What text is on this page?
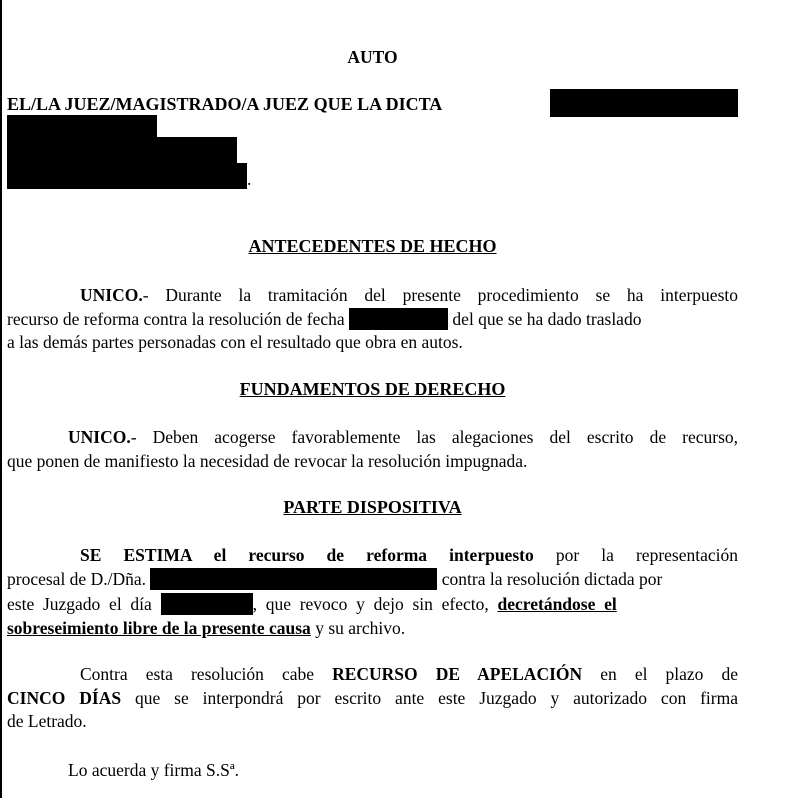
AUTO
EL/LA JUEZ/MAGISTRADO/A JUEZ QUE LA DICTA
.
ANTECEDENTES DE HECHO
UNICO.- Durante la tramitación del presente procedimiento se ha interpuesto
recurso de reforma contra la resolución de fecha	del que se ha dado traslado
a las demás partes personadas con el resultado que obra en autos.
FUNDAMENTOS DE DERECHO
UNICO.- Deben acogerse favorablemente las alegaciones del escrito de recurso,
que ponen de manifiesto la necesidad de revocar la resolución impugnada.
PARTE DISPOSITIVA
SE  ESTIMA  el  recurso  de  reforma  interpuesto por  la  representación
procesal de D./Dña.	contra la resolución dictada por
este  Juzgado  el  día	,  que  revoco  y  dejo  sin  efecto, decretándose  el
sobreseimiento libre de la presente causa y su archivo.
Contra esta resolución cabe RECURSO DE APELACIÓN en el plazo de
CINCO DÍAS que se interpondrá por escrito ante este Juzgado y autorizado con firma
de Letrado.
Lo acuerda y firma S.Sª.
